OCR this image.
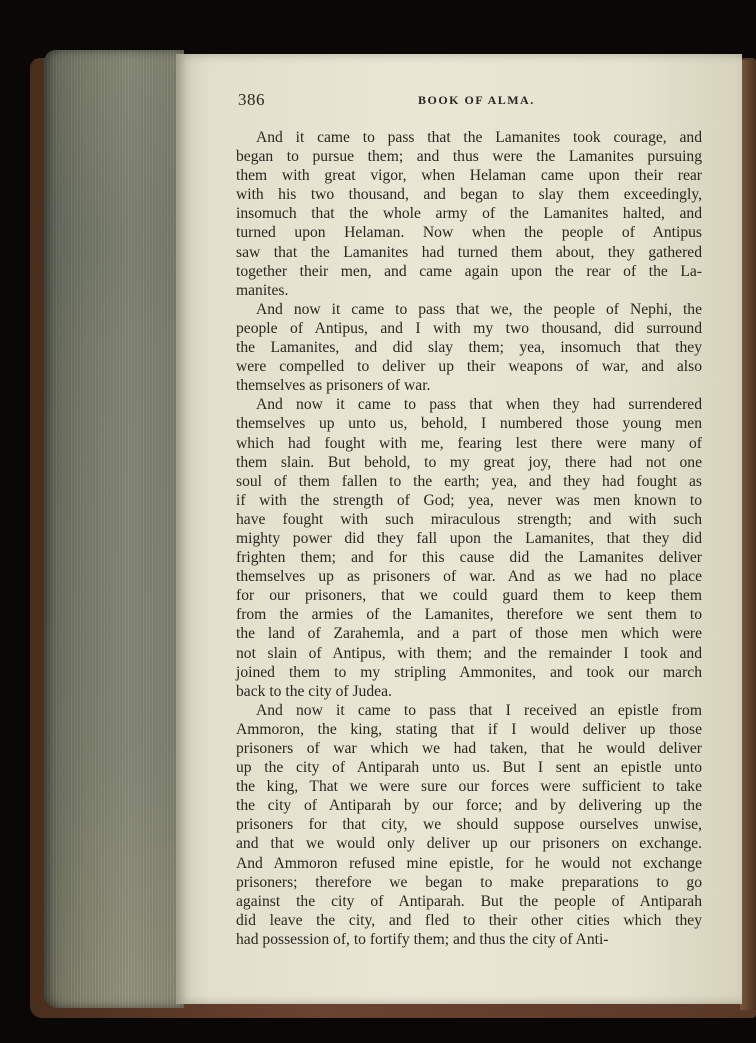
386	BOOK OF ALMA.

And it came to pass that the Lamanites took courage, and
began to pursue them; and thus were the Lamanites pursuing
them with great vigor, when Helaman came upon their rear
with his two thousand, and began to slay them exceedingly,
insomuch that the whole army of the Lamanites halted, and
turned upon Helaman. Now when the people of Antipus
saw that the Lamanites had turned them about, they gathered
together their men, and came again upon the rear of the La-
manites.

And now it came to pass that we, the people of Nephi, the
people of Antipus, and I with my two thousand, did surround
the Lamanites, and did slay them; yea, insomuch that they
were compelled to deliver up their weapons of war, and also
themselves as prisoners of war.

And now it came to pass that when they had surrendered
themselves up unto us, behold, I numbered those young men
which had fought with me, fearing lest there were many of
them slain. But behold, to my great joy, there had not one
soul of them fallen to the earth; yea, and they had fought as
if with the strength of God; yea, never was men known to
have fought with such miraculous strength; and with such
mighty power did they fall upon the Lamanites, that they did
frighten them; and for this cause did the Lamanites deliver
themselves up as prisoners of war. And as we had no place
for our prisoners, that we could guard them to keep them
from the armies of the Lamanites, therefore we sent them to
the land of Zarahemla, and a part of those men which were
not slain of Antipus, with them; and the remainder I took and
joined them to my stripling Ammonites, and took our march
back to the city of Judea.

And now it came to pass that I received an epistle from
Ammoron, the king, stating that if I would deliver up those
prisoners of war which we had taken, that he would deliver
up the city of Antiparah unto us. But I sent an epistle unto
the king, That we were sure our forces were sufficient to take
the city of Antiparah by our force; and by delivering up the
prisoners for that city, we should suppose ourselves unwise,
and that we would only deliver up our prisoners on exchange.
And Ammoron refused mine epistle, for he would not exchange
prisoners; therefore we began to make preparations to go
against the city of Antiparah. But the people of Antiparah
did leave the city, and fled to their other cities which they
had possession of, to fortify them; and thus the city of Anti-
